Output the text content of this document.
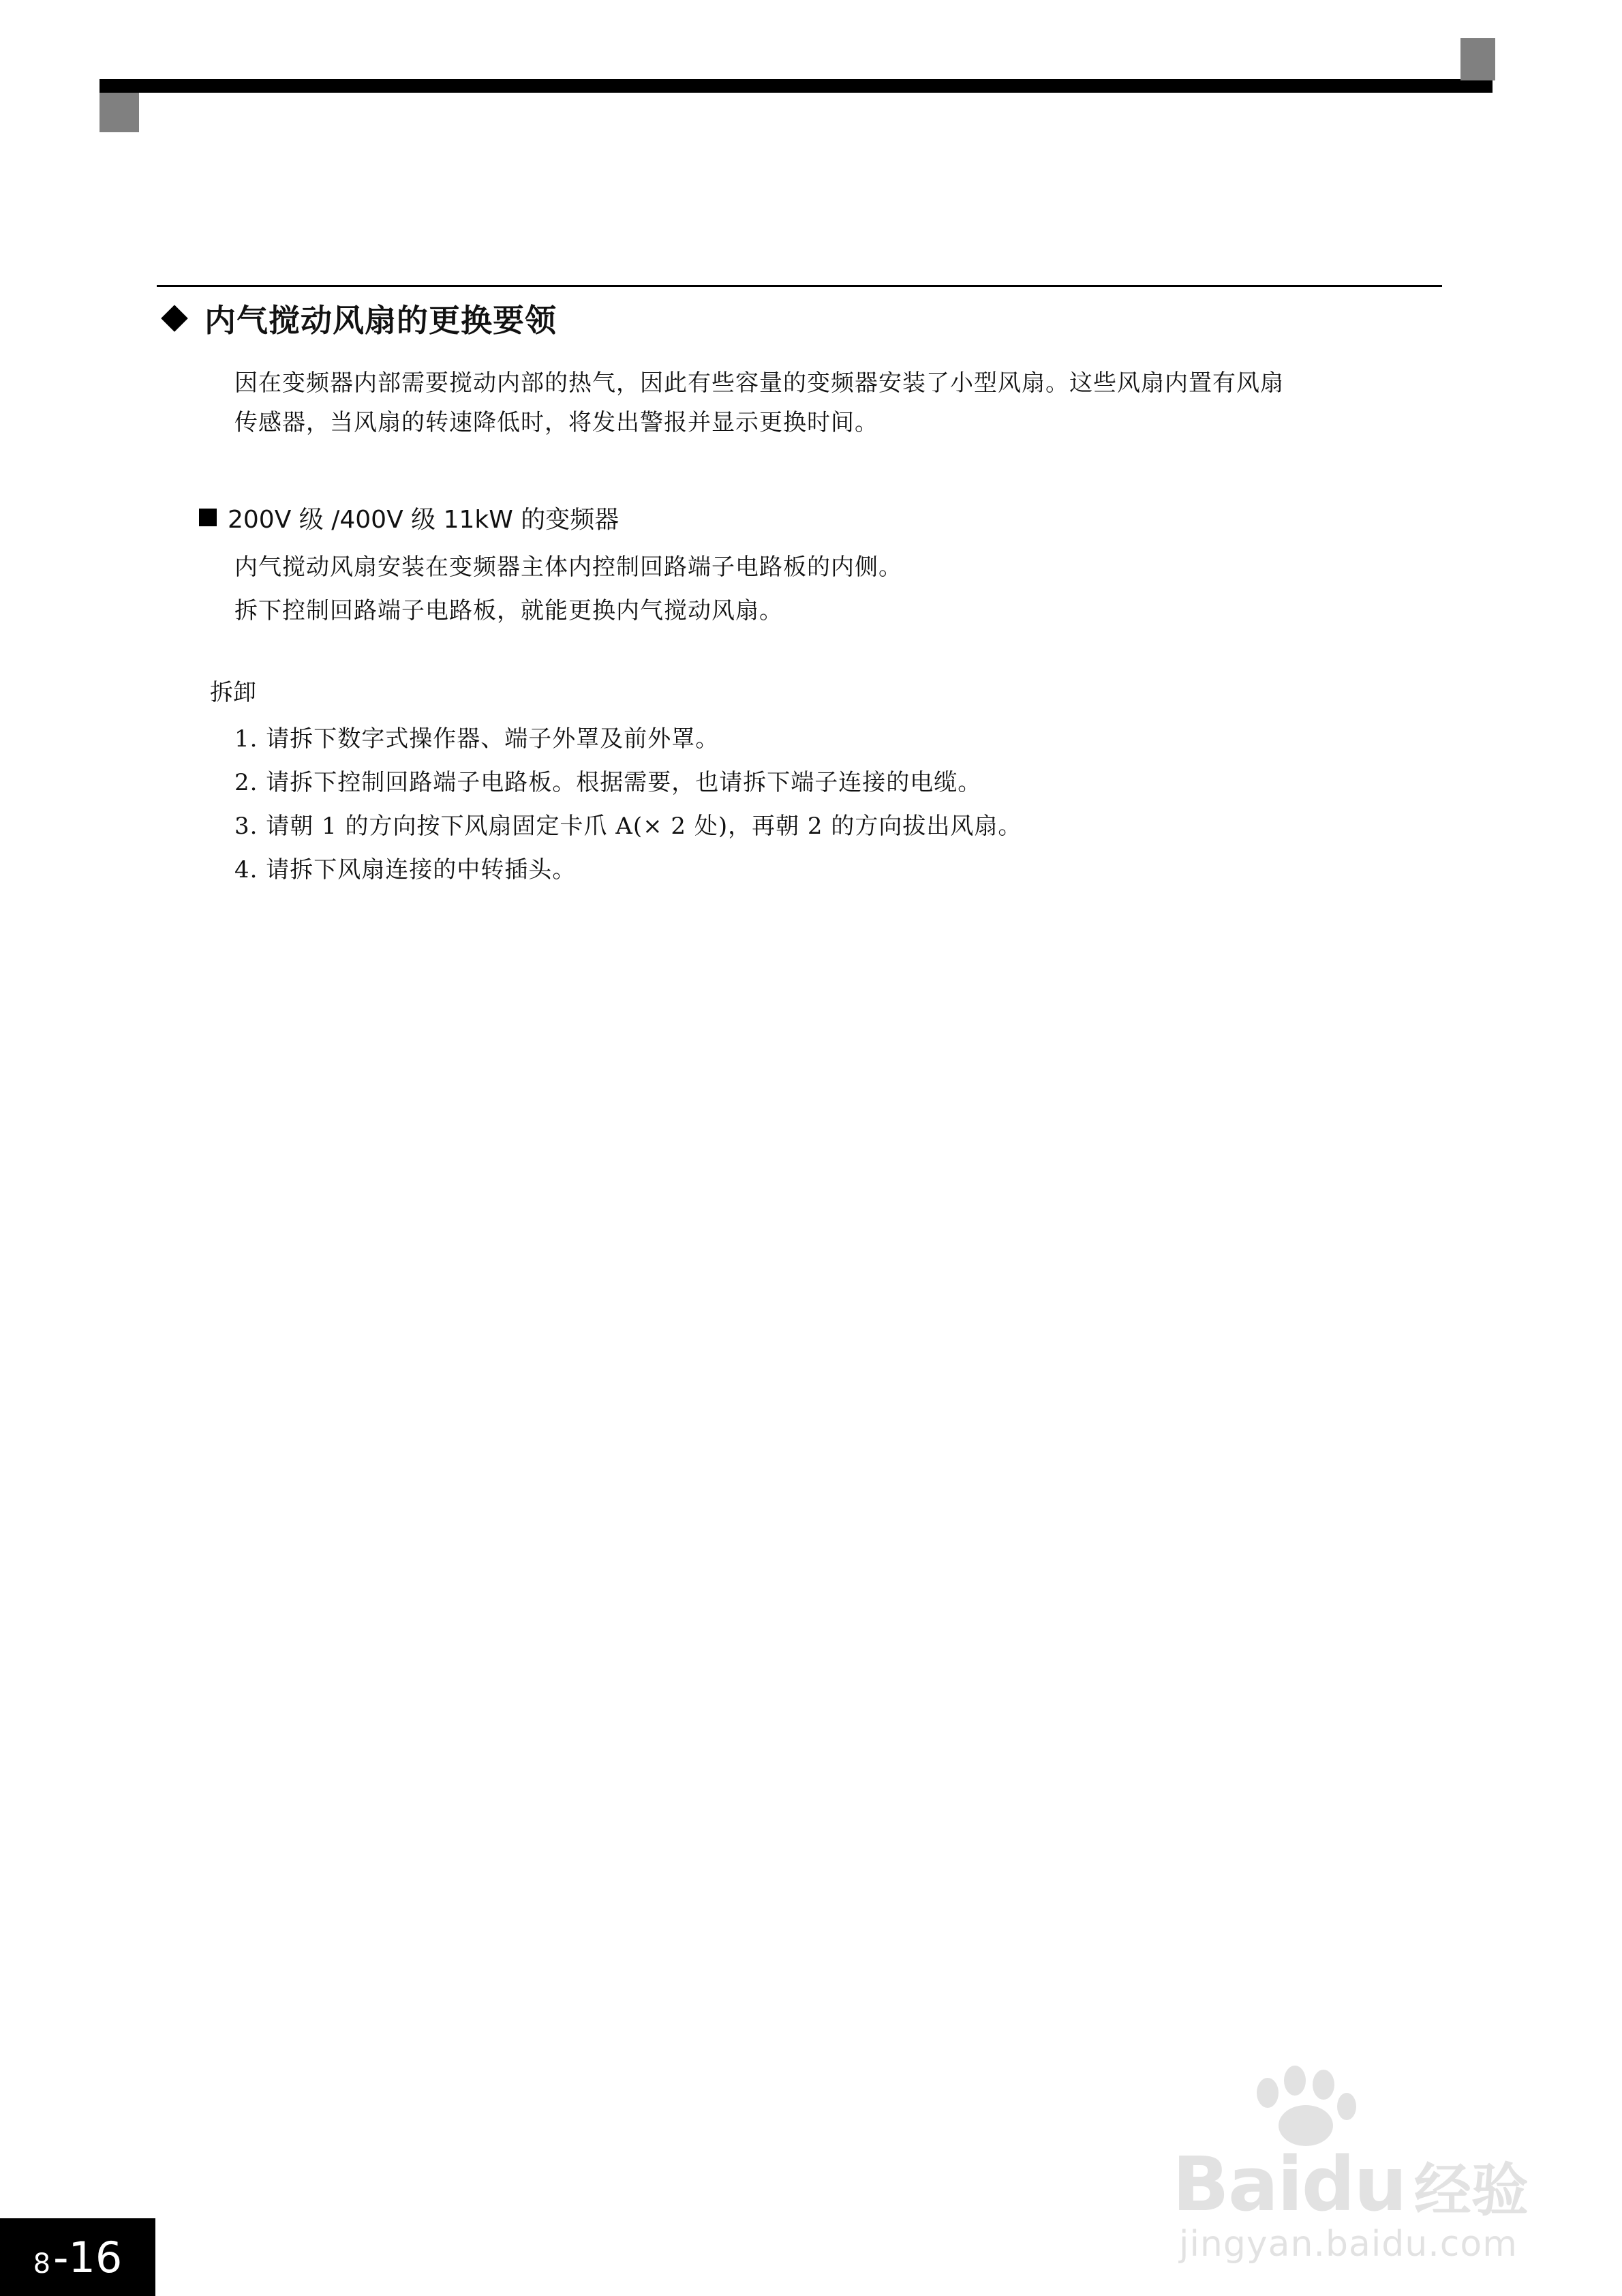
内气搅动风扇的更换要领
因在变频器内部需要搅动内部的热气，因此有些容量的变频器安装了小型风扇。这些风扇内置有风扇
传感器，当风扇的转速降低时，将发出警报并显示更换时间。
200V 级 /400V 级 11kW 的变频器
内气搅动风扇安装在变频器主体内控制回路端子电路板的内侧。
拆下控制回路端子电路板，就能更换内气搅动风扇。
拆卸
1. 请拆下数字式操作器、端子外罩及前外罩。
2. 请拆下控制回路端子电路板。根据需要，也请拆下端子连接的电缆。
3. 请朝 1 的方向按下风扇固定卡爪 A(× 2 处)，再朝 2 的方向拔出风扇。
4. 请拆下风扇连接的中转插头。
Bai du 经验
jingyan.baidu.com
8 -16
